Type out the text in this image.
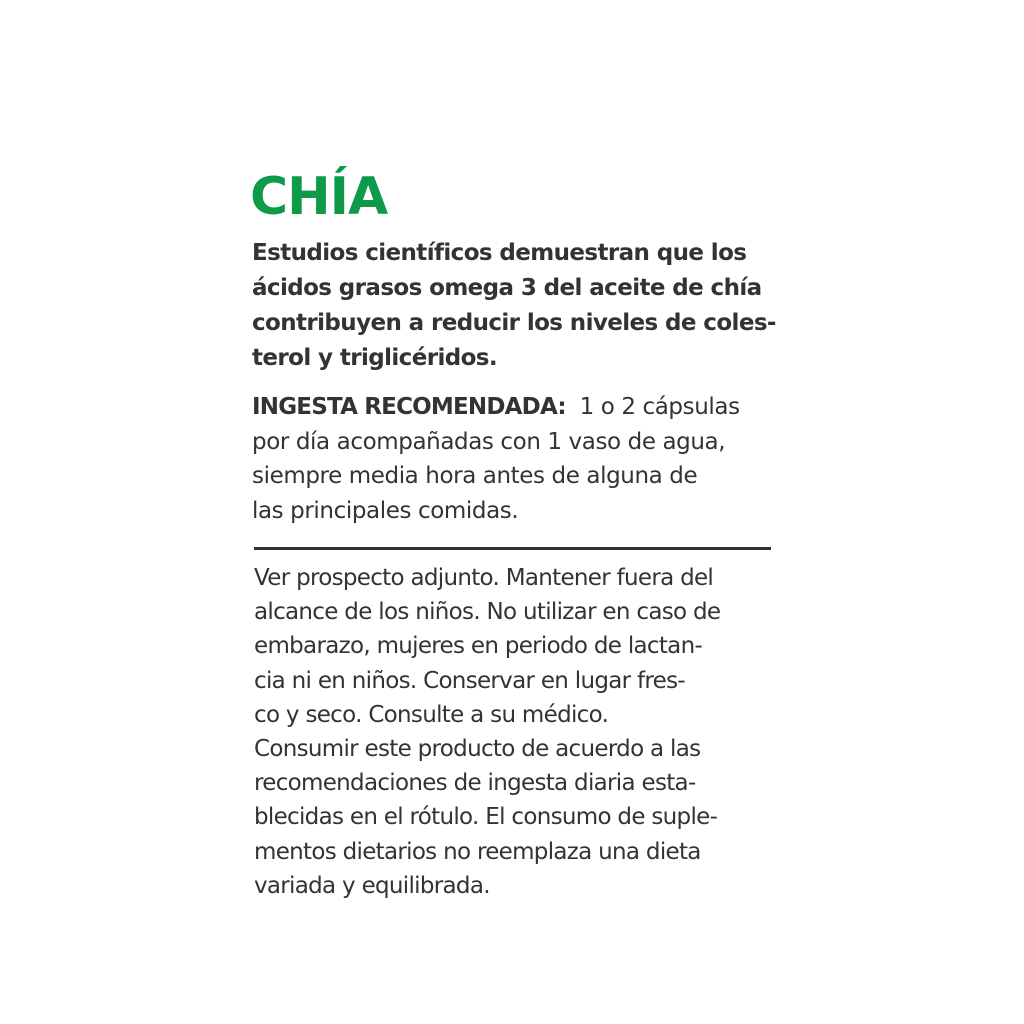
CHÍA
Estudios científicos demuestran que los
ácidos grasos omega 3 del aceite de chía
contribuyen a reducir los niveles de coles-
terol y triglicéridos.
INGESTA RECOMENDADA: 1 o 2 cápsulas
por día acompañadas con 1 vaso de agua,
siempre media hora antes de alguna de
las principales comidas.
Ver prospecto adjunto. Mantener fuera del
alcance de los niños. No utilizar en caso de
embarazo, mujeres en periodo de lactan-
cia ni en niños. Conservar en lugar fres-
co y seco. Consulte a su médico.
Consumir este producto de acuerdo a las
recomendaciones de ingesta diaria esta-
blecidas en el rótulo. El consumo de suple-
mentos dietarios no reemplaza una dieta
variada y equilibrada.
